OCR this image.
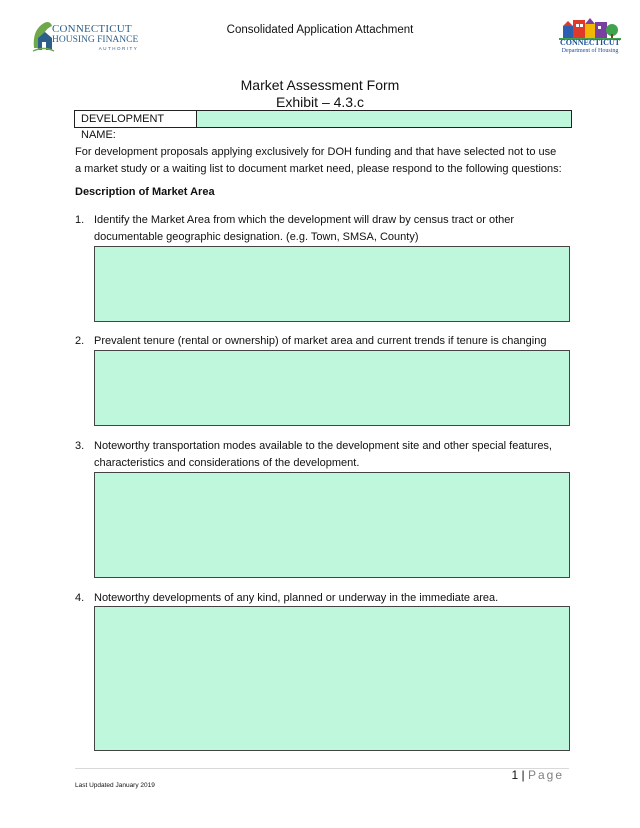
Consolidated Application Attachment
CONNECTICUT
HOUSING FINANCE
AUTHORITY
CONNECTICUT
Department of Housing
Market Assessment Form
Exhibit – 4.3.c
DEVELOPMENT NAME:
For development proposals applying exclusively for DOH funding and that have selected not to use a market study or a waiting list to document market need, please respond to the following questions:
Description of Market Area
1. Identify the Market Area from which the development will draw by census tract or other documentable geographic designation. (e.g. Town, SMSA, County)
2. Prevalent tenure (rental or ownership) of market area and current trends if tenure is changing
3. Noteworthy transportation modes available to the development site and other special features, characteristics and considerations of the development.
4. Noteworthy developments of any kind, planned or underway in the immediate area.
1 | Page
Last Updated January 2019
